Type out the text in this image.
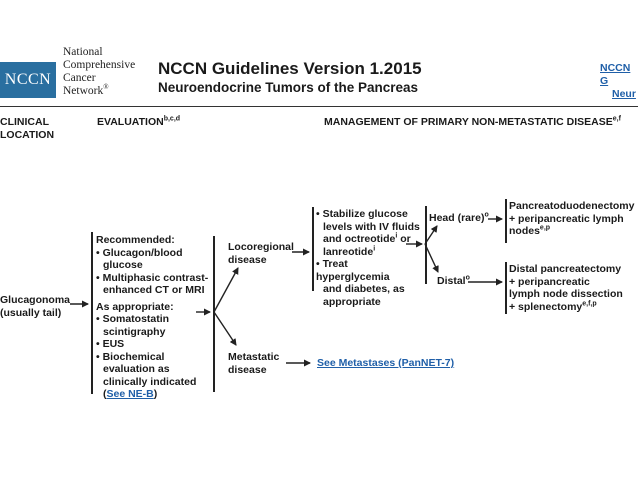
NCCN
National
Comprehensive
Cancer
Network®
NCCN Guidelines Version 1.2015
Neuroendocrine Tumors of the Pancreas
NCCN G
Neur
CLINICAL
LOCATION
EVALUATION$^{b,c,d}$	MANAGEMENT OF PRIMARY NON-METASTATIC DISEASE$^{e,f}$
Glucagonoma
(usually tail)
Recommended:
• Glucagon/blood
glucose
• Multiphasic contrast-
enhanced CT or MRI
As appropriate:
• Somatostatin
scintigraphy
• EUS
• Biochemical
evaluation as
clinically indicated
(See NE-B)
Locoregional
disease
Metastatic
disease
See Metastases (PanNET-7)
• Stabilize glucose
levels with IV fluids
and octreotide$^i$ or
lanreotide$^i$
• Treat hyperglycemia
and diabetes, as
appropriate
Head (rare)$^o$
Distal$^o$
Pancreatoduodenectomy
+ peripancreatic lymph
nodes$^{e,p}$
Distal pancreatectomy
+ peripancreatic
lymph node dissection
+ splenectomy$^{e,f,p}$
